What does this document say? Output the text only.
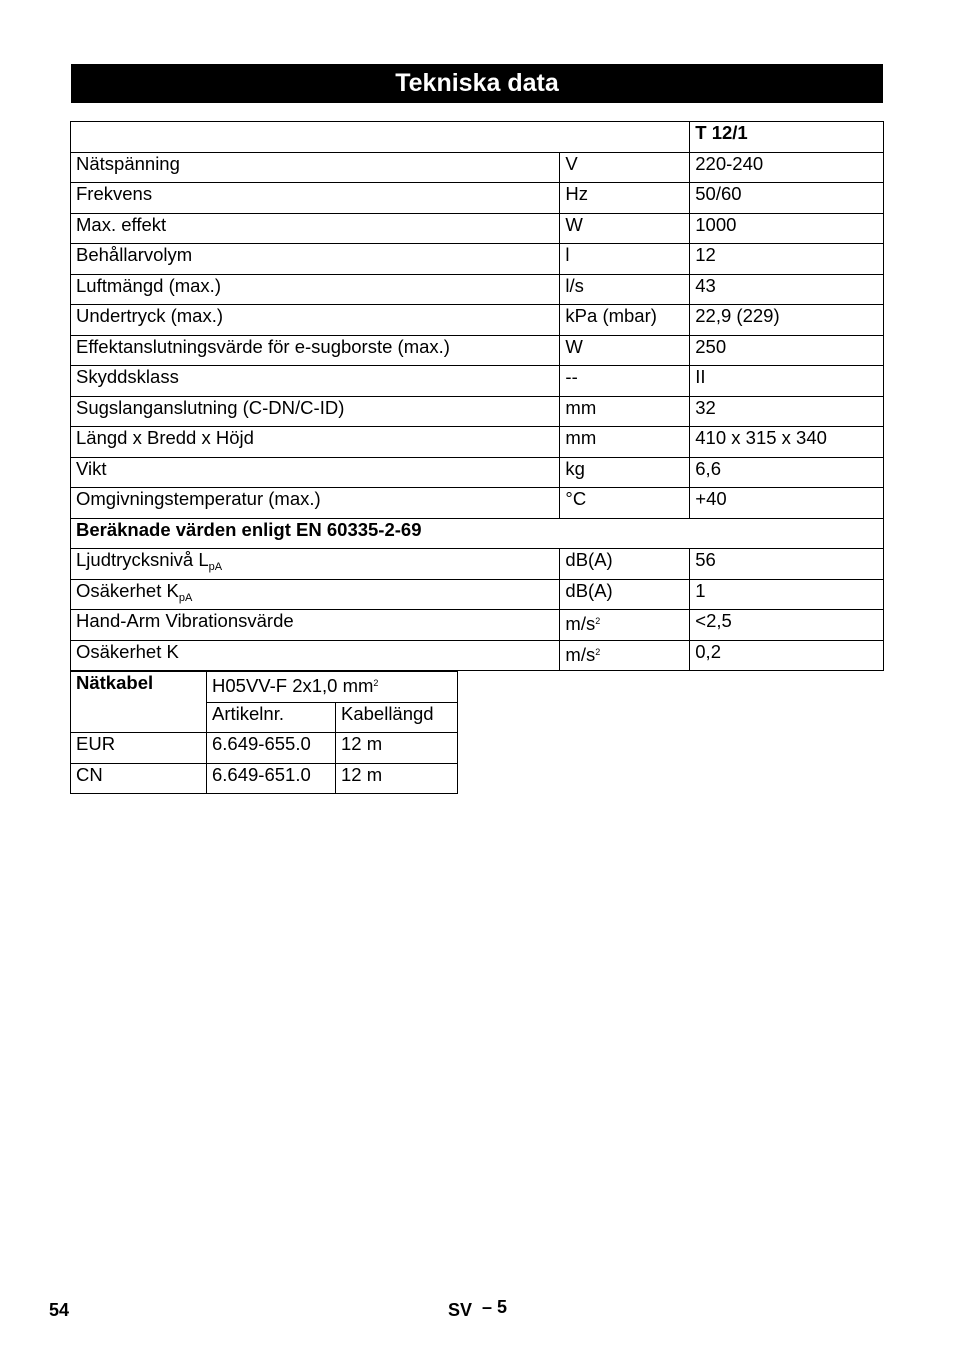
Tekniska data
		T 12/1
Nätspänning	V	220-240
Frekvens	Hz	50/60
Max. effekt	W	1000
Behållarvolym	l	12
Luftmängd (max.)	l/s	43
Undertryck (max.)	kPa (mbar)	22,9 (229)
Effektanslutningsvärde för e-sugborste (max.)	W	250
Skyddsklass	--	II
Sugslanganslutning (C-DN/C-ID)	mm	32
Längd x Bredd x Höjd	mm	410 x 315 x 340
Vikt	kg	6,6
Omgivningstemperatur (max.)	°C	+40
Beräknade värden enligt EN 60335-2-69		
Ljudtrycksnivå $L_{pA}$	dB(A)	56
Osäkerhet $K_{pA}$	dB(A)	1
Hand-Arm Vibrationsvärde	$m/s^2$	<2,5
Osäkerhet K	$m/s^2$	0,2
Nätkabel	H05VV-F 2x1,0 $mm^2$
	Artikelnr.	Kabellängd
EUR	6.649-655.0	12 m
CN	6.649-651.0	12 m
54	SV – 5
